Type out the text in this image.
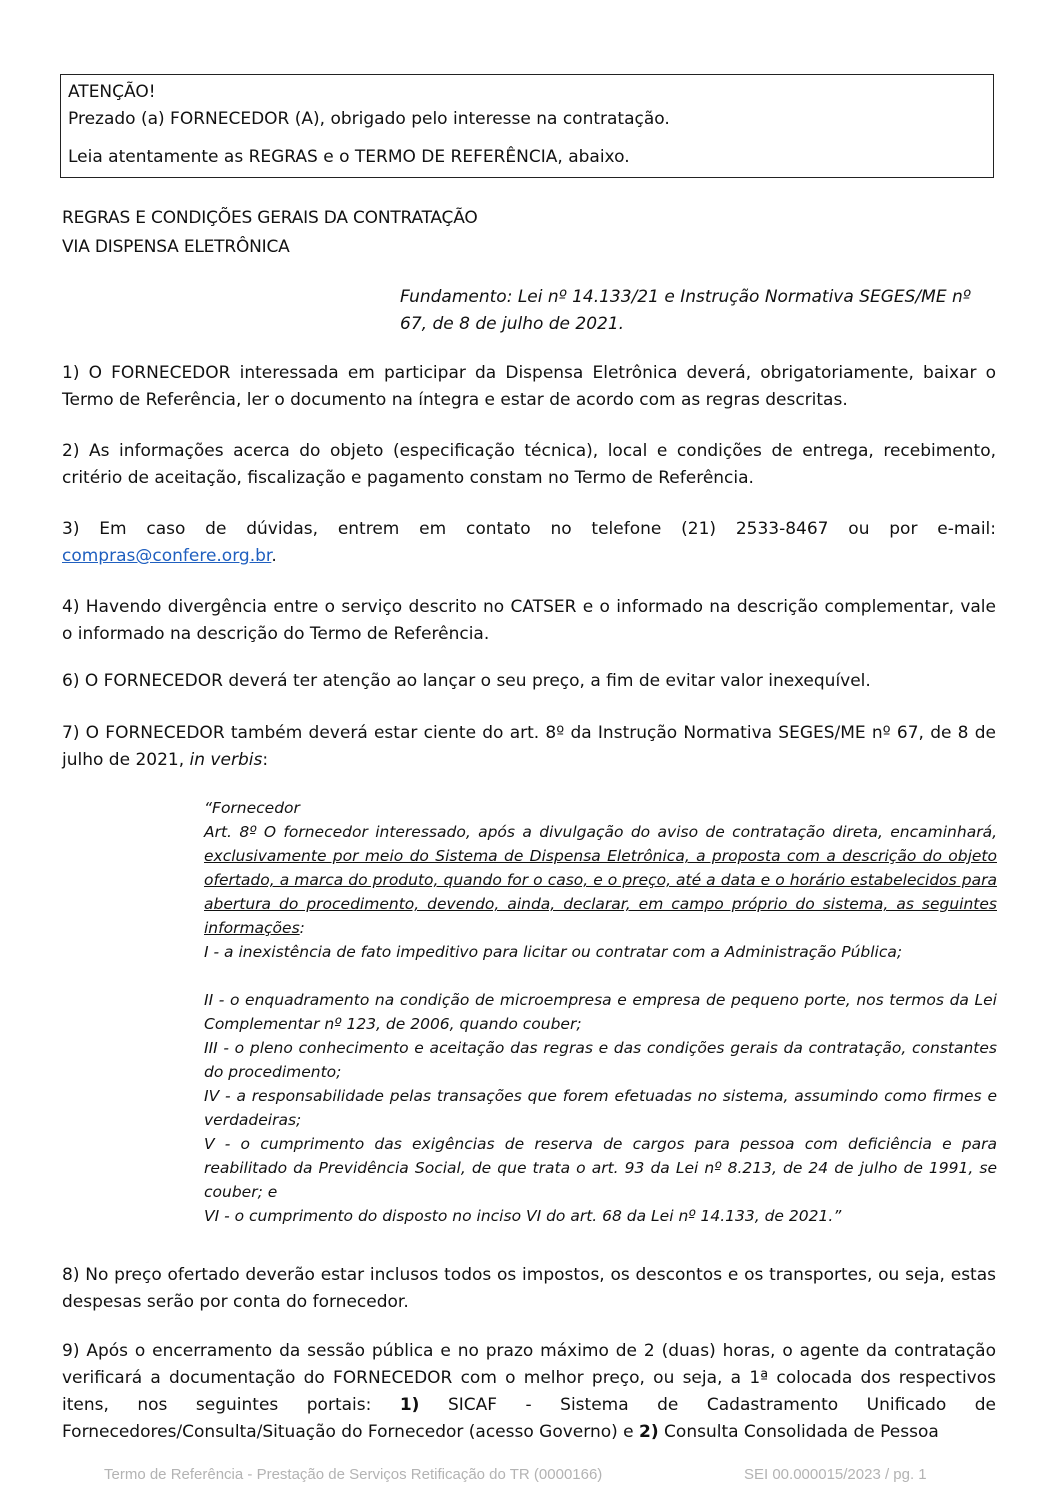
ATENÇÃO!
Prezado (a) FORNECEDOR (A), obrigado pelo interesse na contratação.
Leia atentamente as REGRAS e o TERMO DE REFERÊNCIA, abaixo.
REGRAS E CONDIÇÕES GERAIS DA CONTRATAÇÃO
VIA DISPENSA ELETRÔNICA
Fundamento: Lei nº 14.133/21 e Instrução Normativa SEGES/ME nº 67, de 8 de julho de 2021.
1) O FORNECEDOR interessada em participar da Dispensa Eletrônica deverá, obrigatoriamente, baixar o Termo de Referência, ler o documento na íntegra e estar de acordo com as regras descritas.
2) As informações acerca do objeto (especificação técnica), local e condições de entrega, recebimento, critério de aceitação, fiscalização e pagamento constam no Termo de Referência.
3) Em caso de dúvidas, entrem em contato no telefone (21) 2533-8467 ou por e-mail:
compras@confere.org.br.
4) Havendo divergência entre o serviço descrito no CATSER e o informado na descrição complementar, vale o informado na descrição do Termo de Referência.
6) O FORNECEDOR deverá ter atenção ao lançar o seu preço, a fim de evitar valor inexequível.
7) O FORNECEDOR também deverá estar ciente do art. 8º da Instrução Normativa SEGES/ME nº 67, de 8 de julho de 2021, in verbis:
“Fornecedor
Art. 8º O fornecedor interessado, após a divulgação do aviso de contratação direta, encaminhará, exclusivamente por meio do Sistema de Dispensa Eletrônica, a proposta com a descrição do objeto ofertado, a marca do produto, quando for o caso, e o preço, até a data e o horário estabelecidos para abertura do procedimento, devendo, ainda, declarar, em campo próprio do sistema, as seguintes informações:
I - a inexistência de fato impeditivo para licitar ou contratar com a Administração Pública;
II - o enquadramento na condição de microempresa e empresa de pequeno porte, nos termos da Lei Complementar nº 123, de 2006, quando couber;
III - o pleno conhecimento e aceitação das regras e das condições gerais da contratação, constantes do procedimento;
IV - a responsabilidade pelas transações que forem efetuadas no sistema, assumindo como firmes e verdadeiras;
V - o cumprimento das exigências de reserva de cargos para pessoa com deficiência e para reabilitado da Previdência Social, de que trata o art. 93 da Lei nº 8.213, de 24 de julho de 1991, se couber; e
VI - o cumprimento do disposto no inciso VI do art. 68 da Lei nº 14.133, de 2021.”
8) No preço ofertado deverão estar inclusos todos os impostos, os descontos e os transportes, ou seja, estas despesas serão por conta do fornecedor.
9) Após o encerramento da sessão pública e no prazo máximo de 2 (duas) horas, o agente da contratação verificará a documentação do FORNECEDOR com o melhor preço, ou seja, a 1ª colocada dos respectivos itens, nos seguintes portais: 1) SICAF - Sistema de Cadastramento Unificado de Fornecedores/Consulta/Situação do Fornecedor (acesso Governo) e 2) Consulta Consolidada de Pessoa
Termo de Referência - Prestação de Serviços Retificação do TR (0000166)	SEI 00.000015/2023 / pg. 1
